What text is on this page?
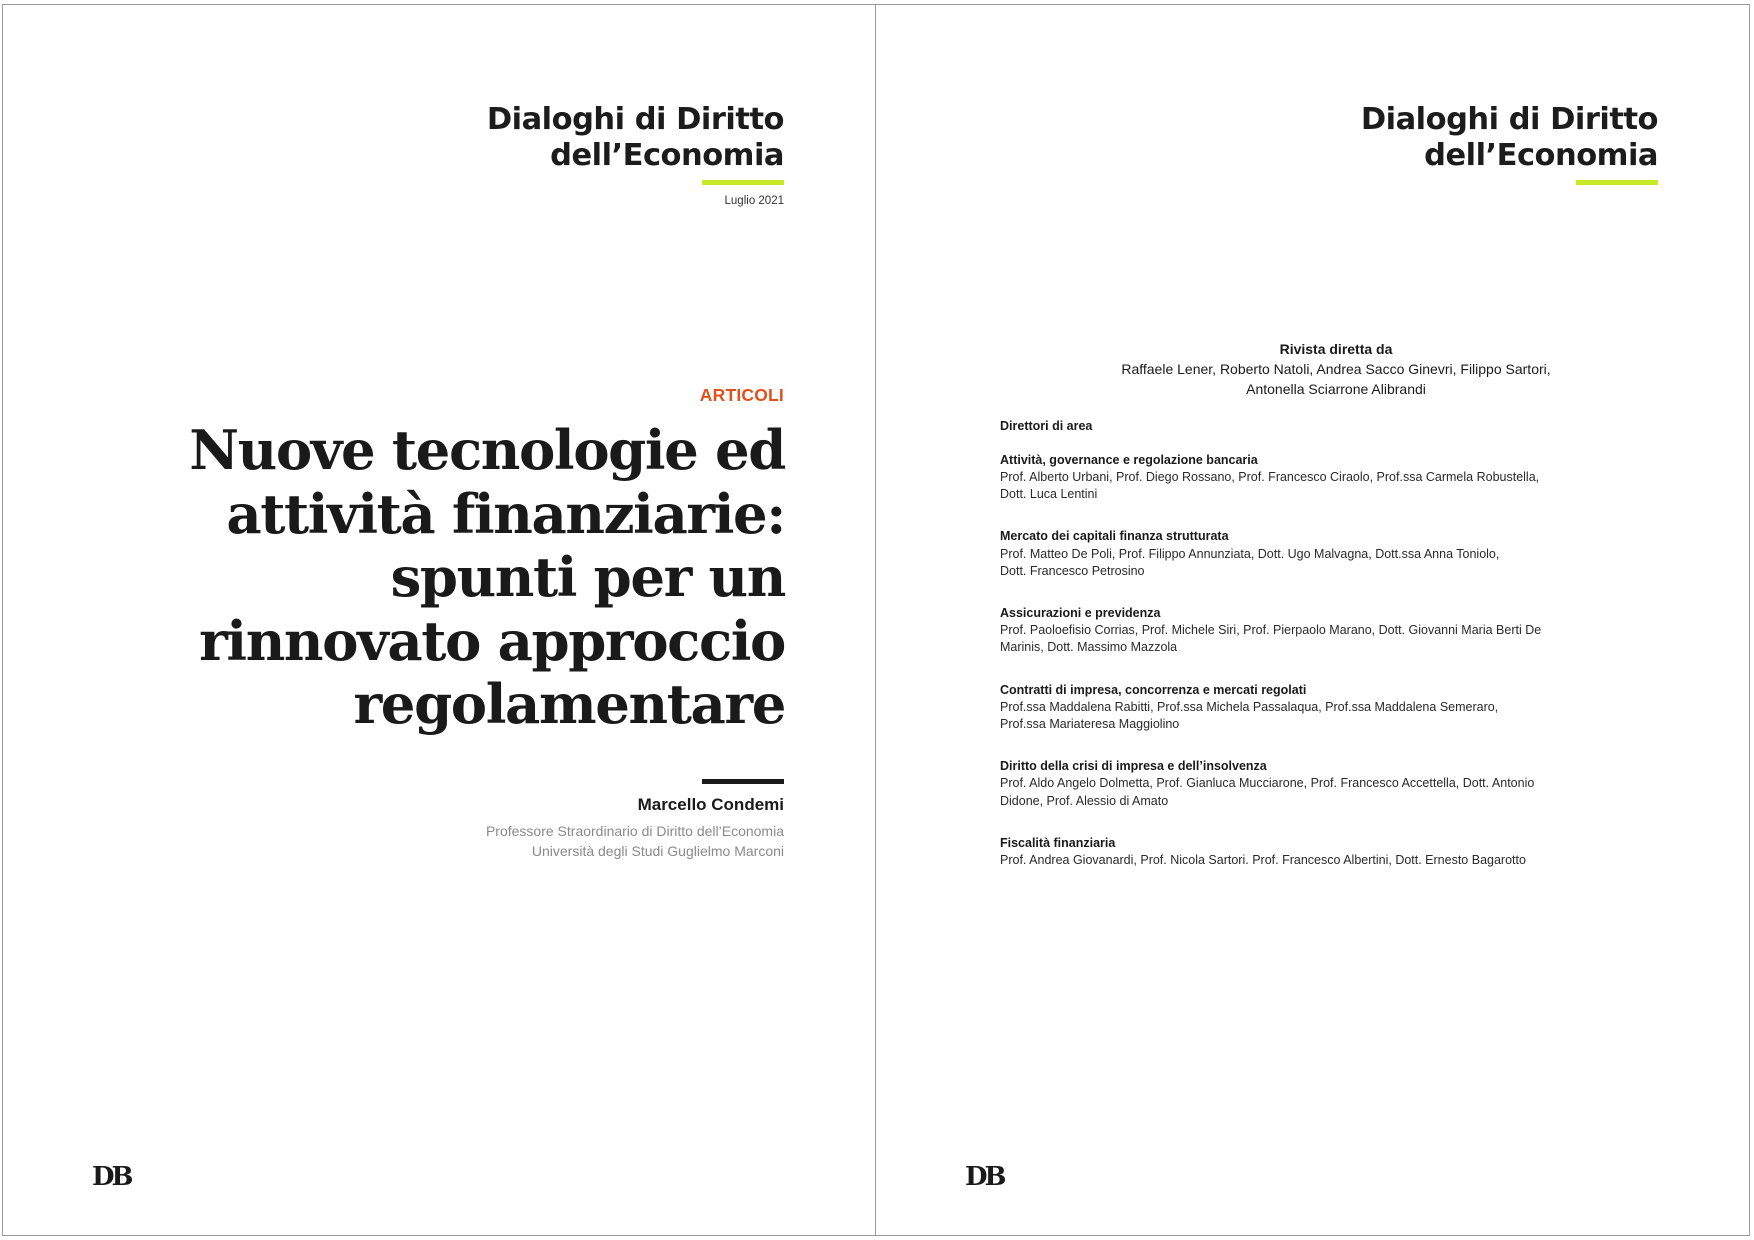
Dialoghi di Diritto
dell’Economia
Luglio 2021
ARTICOLI
Nuove tecnologie ed
attività finanziarie:
spunti per un
rinnovato approccio
regolamentare
Marcello Condemi
Professore Straordinario di Diritto dell’Economia
Università degli Studi Guglielmo Marconi
DB
Dialoghi di Diritto
dell’Economia
Rivista diretta da
Raffaele Lener, Roberto Natoli, Andrea Sacco Ginevri, Filippo Sartori,
Antonella Sciarrone Alibrandi
Direttori di area
Attività, governance e regolazione bancaria
Prof. Alberto Urbani, Prof. Diego Rossano, Prof. Francesco Ciraolo, Prof.ssa Carmela Robustella,
Dott. Luca Lentini
Mercato dei capitali finanza strutturata
Prof. Matteo De Poli, Prof. Filippo Annunziata, Dott. Ugo Malvagna, Dott.ssa Anna Toniolo,
Dott. Francesco Petrosino
Assicurazioni e previdenza
Prof. Paoloefisio Corrias, Prof. Michele Siri, Prof. Pierpaolo Marano, Dott. Giovanni Maria Berti De
Marinis, Dott. Massimo Mazzola
Contratti di impresa, concorrenza e mercati regolati
Prof.ssa Maddalena Rabitti, Prof.ssa Michela Passalaqua, Prof.ssa Maddalena Semeraro,
Prof.ssa Mariateresa Maggiolino
Diritto della crisi di impresa e dell’insolvenza
Prof. Aldo Angelo Dolmetta, Prof. Gianluca Mucciarone, Prof. Francesco Accettella, Dott. Antonio
Didone, Prof. Alessio di Amato
Fiscalità finanziaria
Prof. Andrea Giovanardi, Prof. Nicola Sartori. Prof. Francesco Albertini, Dott. Ernesto Bagarotto
DB
